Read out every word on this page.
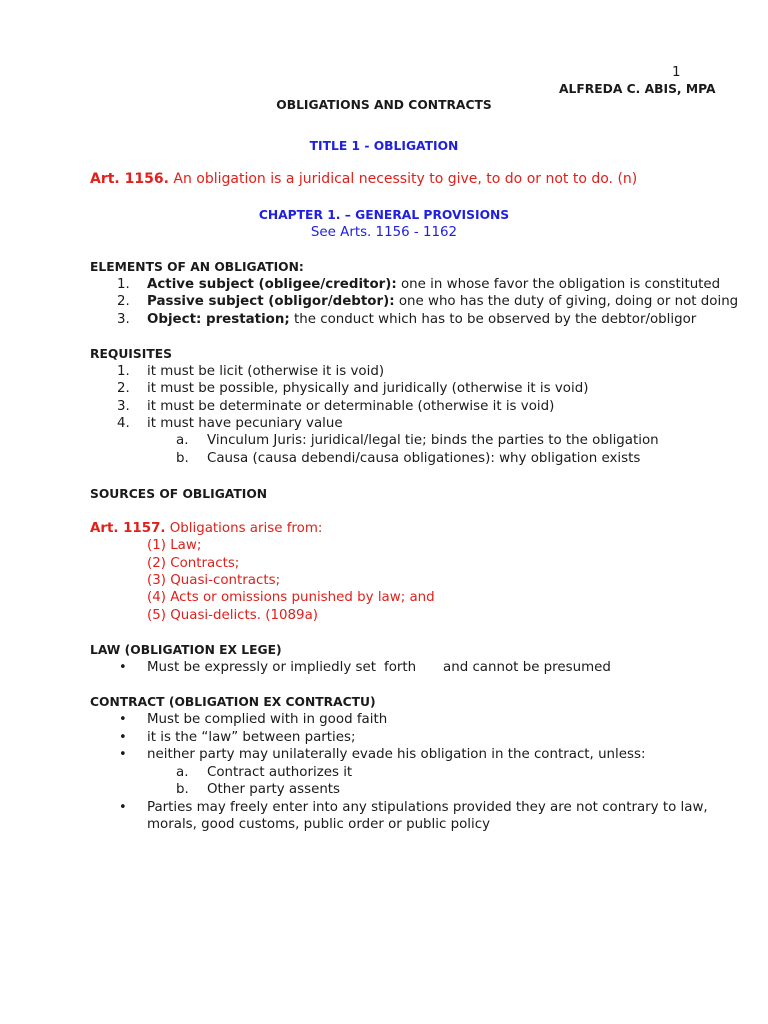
1
ALFREDA C. ABIS, MPA
OBLIGATIONS AND CONTRACTS
TITLE 1 - OBLIGATION
Art. 1156. An obligation is a juridical necessity to give, to do or not to do. (n)
CHAPTER 1. – GENERAL PROVISIONS
See Arts. 1156 - 1162
ELEMENTS OF AN OBLIGATION:
1. Active subject (obligee/creditor): one in whose favor the obligation is constituted
2. Passive subject (obligor/debtor): one who has the duty of giving, doing or not doing
3. Object: prestation; the conduct which has to be observed by the debtor/obligor
REQUISITES
1. it must be licit (otherwise it is void)
2. it must be possible, physically and juridically (otherwise it is void)
3. it must be determinate or determinable (otherwise it is void)
4. it must have pecuniary value
a. Vinculum Juris: juridical/legal tie; binds the parties to the obligation
b. Causa (causa debendi/causa obligationes): why obligation exists
SOURCES OF OBLIGATION
Art. 1157. Obligations arise from:
(1) Law;
(2) Contracts;
(3) Quasi-contracts;
(4) Acts or omissions punished by law; and
(5) Quasi-delicts. (1089a)
LAW (OBLIGATION EX LEGE)
• Must be expressly or impliedly set forth and cannot be presumed
CONTRACT (OBLIGATION EX CONTRACTU)
• Must be complied with in good faith
• it is the “law” between parties;
• neither party may unilaterally evade his obligation in the contract, unless:
a. Contract authorizes it
b. Other party assents
• Parties may freely enter into any stipulations provided they are not contrary to law,
morals, good customs, public order or public policy
